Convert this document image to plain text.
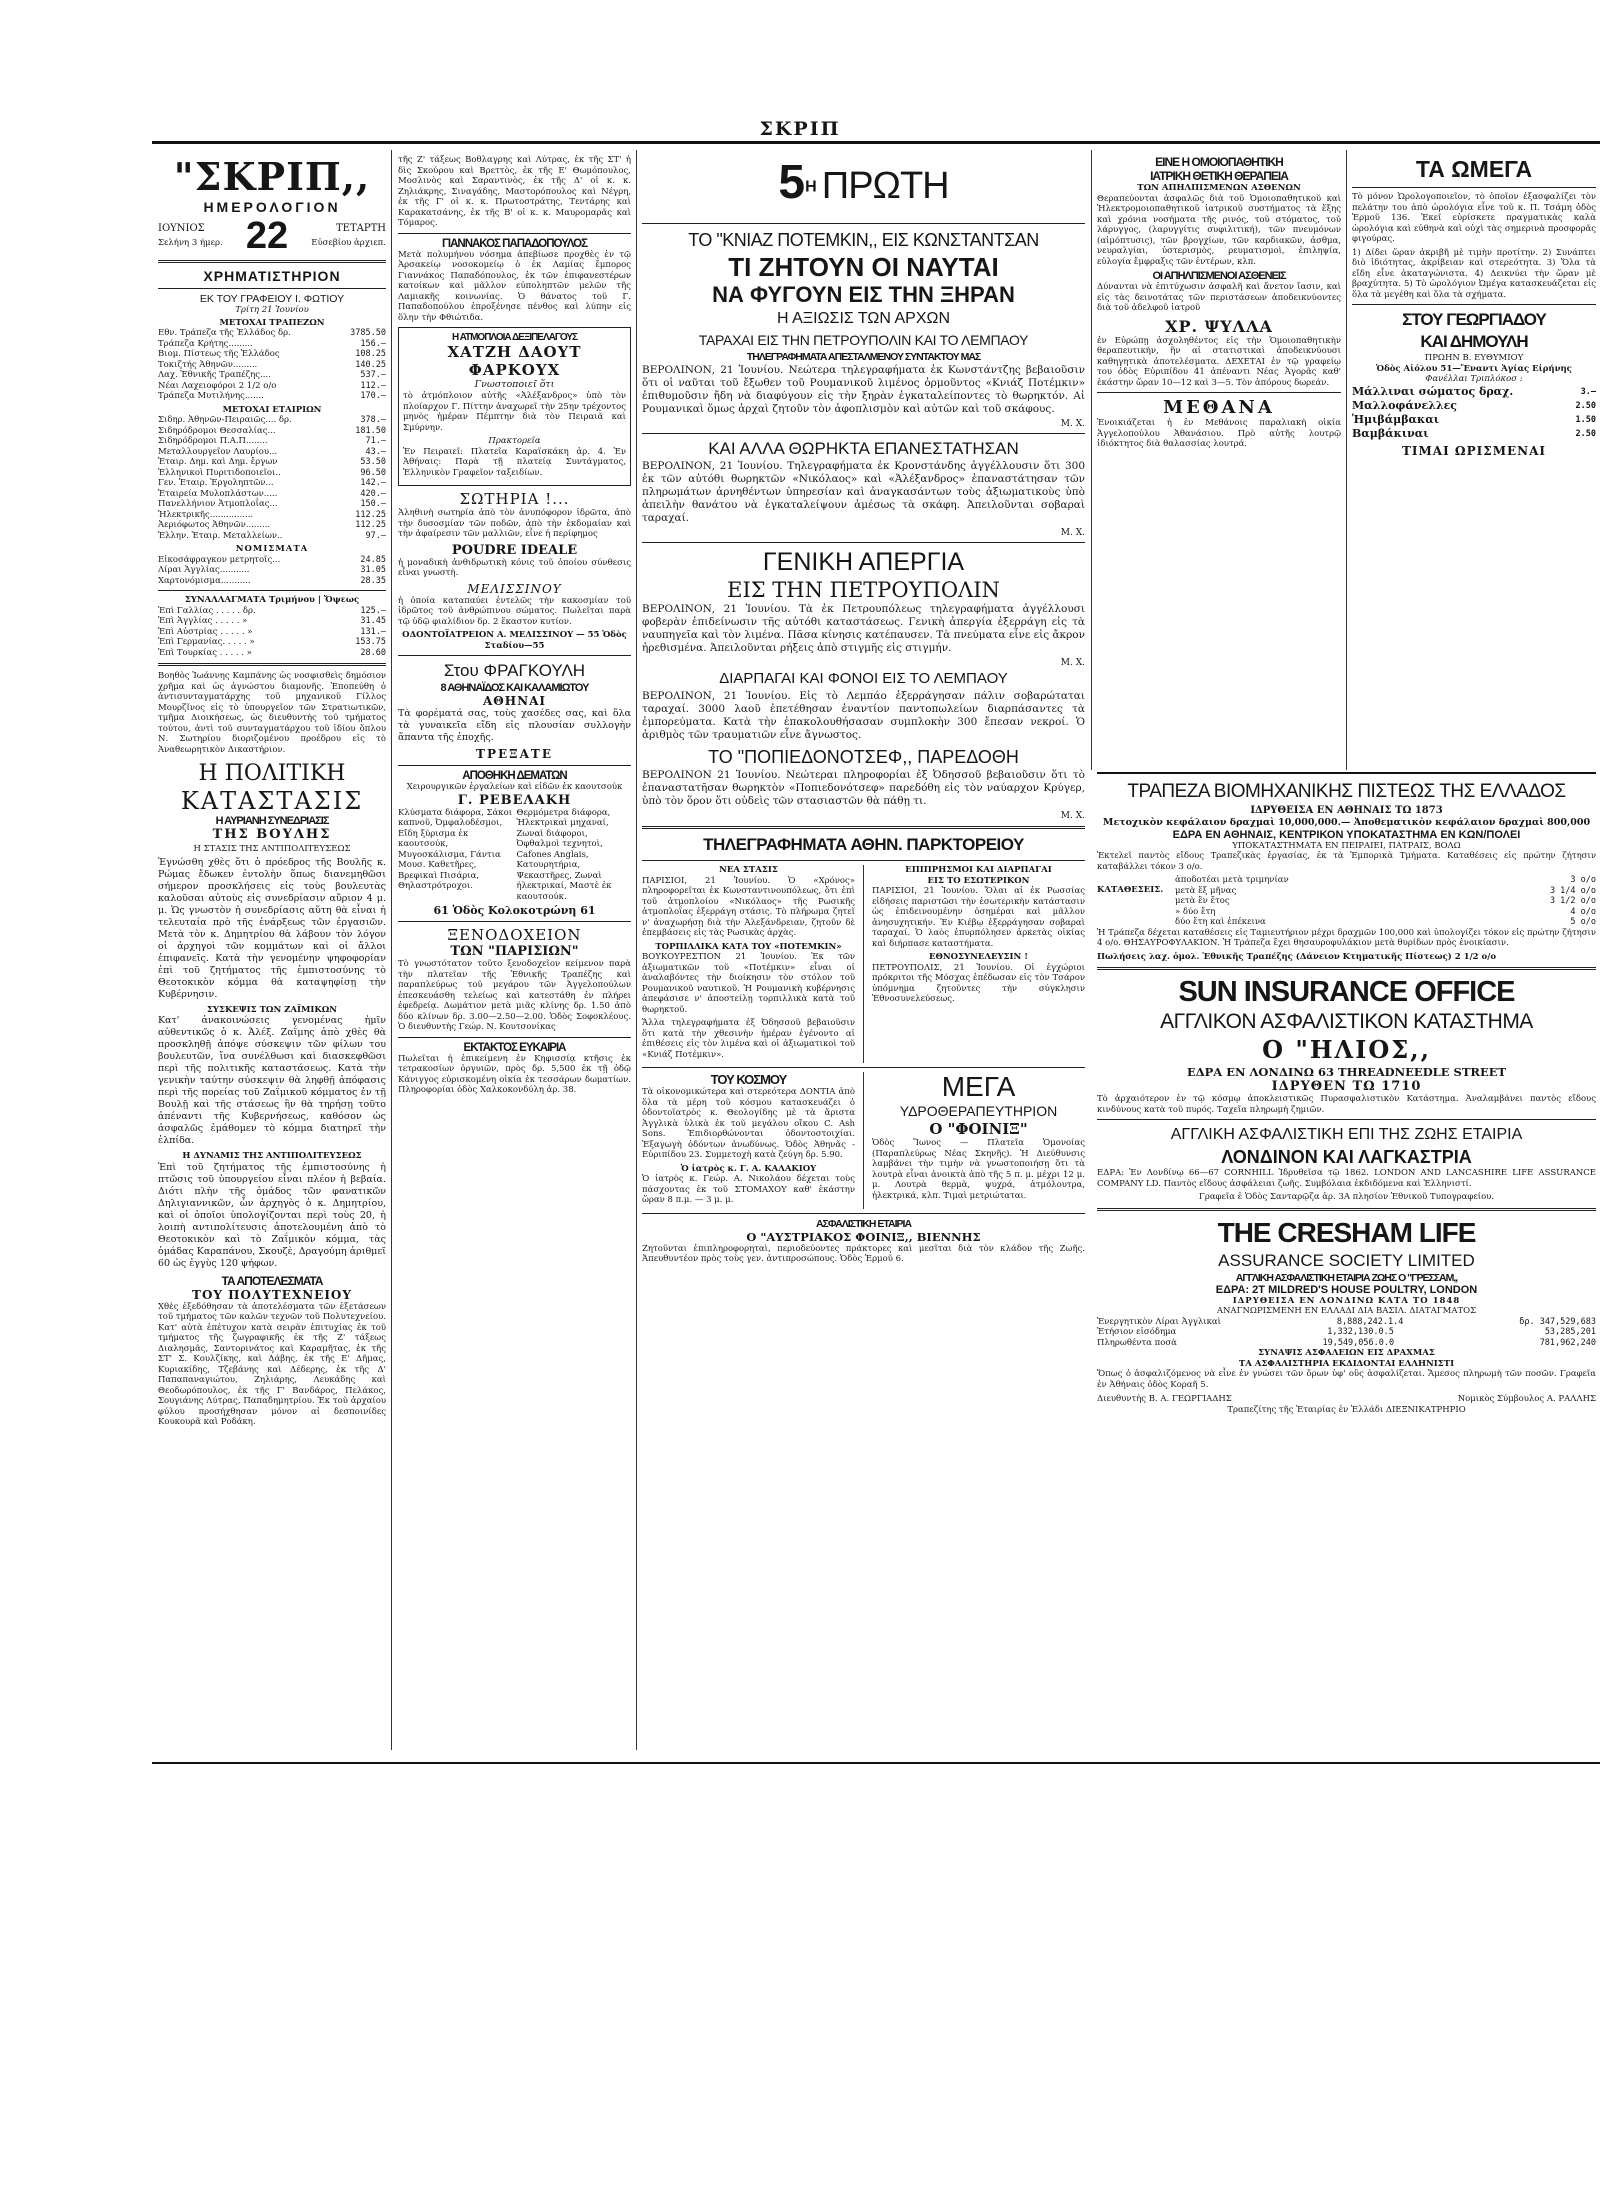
ΣΚΡΙΠ
"ΣΚΡΙΠ,,
ΗΜΕΡΟΛΟΓΙΟΝ
ΙΟΥΝΙΟΣ
Σελήνη 3 ήμερ. 22	ΤΕΤΑΡΤΗ
Εὐσεβίου ἀρχιεπ.
ΧΡΗΜΑΤΙΣΤΗΡΙΟΝ
ΕΚ ΤΟΥ ΓΡΑΦΕΙΟΥ Ι. ΦΩΤΙΟΥ
Τρίτη 21 Ἰουνίου
ΜΕΤΟΧΑΙ ΤΡΑΠΕΖΩΝ
Εθν. Τράπεζα τῆς Ἑλλάδος δρ.	3785.50
Τράπεζα Κρήτης.........	156.—
Βιομ. Πίστεως τῆς Ἑλλάδος	108.25
Τοκιζτής Ἀθηνῶν.........	140.25
Λαχ. Ἐθνικῆς Τραπέζης....	537.—
Νέαι Λαχειοφόροι 2 1/2 ο/ο	112.—
Τράπεζα Μυτιλήνης.......	170.—
ΜΕΤΟΧΑΙ ΕΤΑΙΡΙΩΝ
Σιδηρ. Ἀθηνῶν-Πειραιῶς.... δρ.	378.—
Σιδηρόδρομοι Θεσσαλίας...	181.50
Σιδηρόδρομοι Π.Α.Π........	71.—
Μεταλλουργεῖον Λαυρίου...	43.—
Ἑταιρ. Δημ. καὶ Δημ. ἔργων	53.50
Ἑλληνικοὶ Πυριτιδοποιεῖοι..	96.50
Γεν. Ἑταιρ. Ἐργοληπτῶν...	142.—
Ἑταιρεία Μυλοπλάστων.....	420.—
Πανελλήνιον Ἀτμοπλοΐας...	150.—
Ἠλεκτρικῆς................	112.25
Ἀεριόφωτος Ἀθηνῶν.........	112.25
Ἑλλην. Ἑταιρ. Μεταλλείων..	97.—
ΝΟΜΙΣΜΑΤΑ
Εἰκοσάφραγκον μετρητοῖς...	24.85
Λίραι Ἀγγλίας...........	31.05
Χαρτονόμισμα...........	28.35
ΣΥΝΑΛΛΑΓΜΑΤΑ Τριμήνου | Ὄψεως
Ἐπὶ Γαλλίας . . . . . δρ.	125.—
Ἐπὶ Ἀγγλίας . . . . . »	31.45
Ἐπὶ Αὐστρίας . . . . . »	131.—
Ἐπὶ Γερμανίας. . . . . »	153.75
Ἐπὶ Τουρκίας . . . . . »	28.60

Βοηθὸς Ἰωάννης Καμπάνης ὡς νοσφισθεὶς δημόσιον χρῆμα καὶ ὡς ἀγνώστου διαμονῆς. Ἐποπεύθη ὁ ἀντισυνταγματάρχης τοῦ μηχανικοῦ Γίλλος Μουρζῖνος εἰς τὸ ὑπουργεῖον τῶν Στρατιωτικῶν, τμῆμα Διοικήσεως, ὡς διευθυντὴς τοῦ τμήματος τούτου, ἀντὶ τοῦ συνταγματάρχου τοῦ ἰδίου ὅπλου Ν. Σωτηρίου διοριζομένου προέδρου εἰς τὸ Ἀναθεωρητικὸν Δικαστήριον.

Η ΠΟΛΙΤΙΚΗ
ΚΑΤΑΣΤΑΣΙΣ
Η ΑΥΡΙΑΝΗ ΣΥΝΕΔΡΙΑΣΙΣ
ΤΗΣ ΒΟΥΛΗΣ
Η ΣΤΑΣΙΣ ΤΗΣ ΑΝΤΙΠΟΛΙΤΕΥΣΕΩΣ

Ἐγνώσθη χθὲς ὅτι ὁ πρόεδρος τῆς Βουλῆς κ. Ρώμας ἔδωκεν ἐντολὴν ὅπως διανεμηθῶσι σήμερον προσκλήσεις εἰς τοὺς βουλευτὰς καλοῦσαι αὐτοὺς εἰς συνεδρίασιν αὔριον 4 μ. μ. Ὡς γνωστὸν ἡ συνεδρίασις αὕτη θὰ εἶναι ἡ τελευταία πρὸ τῆς ἐνάρξεως τῶν ἐργασιῶν. Μετὰ τὸν κ. Δημητρίου θὰ λάβουν τὸν λόγον οἱ ἀρχηγοὶ τῶν κομμάτων καὶ οἱ ἄλλοι ἐπιφανεῖς. Κατὰ τὴν γενομένην ψηφοφορίαν ἐπὶ τοῦ ζητήματος τῆς ἐμπιστοσύνης τὸ Θεοτοκικὸν κόμμα θὰ καταψηφίσῃ τὴν Κυβέρνησιν.

ΣΥΣΚΕΨΙΣ ΤΩΝ ΖΑΪΜΙΚΩΝ

Κατ' ἀνακοινώσεις γενομένας ἡμῖν αὐθεντικῶς ὁ κ. Ἀλέξ. Ζαΐμης ἀπὸ χθὲς θὰ προσκληθῇ ἀπόψε σύσκεψιν τῶν φίλων του βουλευτῶν, ἵνα συνέλθωσι καὶ διασκεφθῶσι περὶ τῆς πολιτικῆς καταστάσεως. Κατὰ τὴν γενικὴν ταύτην σύσκεψιν θὰ ληφθῇ ἀπόφασις περὶ τῆς πορείας τοῦ Ζαΐμικοῦ κόμματος ἐν τῇ Βουλῇ καὶ τῆς στάσεως ἣν θὰ τηρήσῃ τοῦτο ἀπέναντι τῆς Κυβερνήσεως, καθόσον ὡς ἀσφαλῶς ἐμάθομεν τὸ κόμμα διατηρεῖ τὴν ἐλπίδα.

Η ΔΥΝΑΜΙΣ ΤΗΣ ΑΝΤΙΠΟΛΙΤΕΥΣΕΩΣ

Ἐπὶ τοῦ ζητήματος τῆς ἐμπιστοσύνης ἡ πτῶσις τοῦ ὑπουργείου εἶναι πλέον ἡ βεβαία. Διότι πλὴν τῆς ὁμάδος τῶν φανατικῶν Δηλιγιαννικῶν, ὧν ἀρχηγὸς ὁ κ. Δημητρίου, καὶ οἱ ὁποῖοι ὑπολογίζονται περὶ τοὺς 20, ἡ λοιπὴ αντιπολίτευσις ἀποτελουμένη ἀπὸ τὸ Θεοτοκικὸν καὶ τὸ Ζαΐμικὸν κόμμα, τὰς ὁμάδας Καραπάνου, Σκουζὲ, Δραγούμη ἀριθμεῖ 60 ὡς ἐγγὺς 120 ψήφων.

ΤΑ ΑΠΟΤΕΛΕΣΜΑΤΑ
ΤΟΥ ΠΟΛΥΤΕΧΝΕΙΟΥ

Χθὲς ἐξεδόθησαν τὰ ἀποτελέσματα τῶν ἐξετάσεων τοῦ τμήματος τῶν καλῶν τεχνῶν τοῦ Πολυτεχνείου. Κατ' αὐτὰ ἐπέτυχον κατὰ σειρὰν ἐπιτυχίας ἐκ τοῦ τμήματος τῆς ζωγραφικῆς ἐκ τῆς Ζ' τάξεως Διαλησμᾶς, Σαντορινάτος καὶ Καραμῆτας, ἐκ τῆς ΣΤ' Σ. Κουλζίκης, καὶ Δάβης, ἐκ τῆς Ε' Δῆμας, Κυριακίδης, Τζεβάνης καὶ Δέδερης, ἐκ τῆς Δ' Παπαπαναγιώτου, Ζηλιάρης, Λευκάδης καὶ Θεοδωρόπουλος, ἐκ τῆς Γ' Βανδάρος, Πελάκος, Σουγιάνης Λύτρας, Παπαδημητρίου. Ἐκ τοῦ ἀρχαίου φύλου προσήχθησαν μόνον αἱ δεσποινίδες Κουκουρᾶ καὶ Ροδάκη.

τῆς Ζ' τάξεως Βοθλαγρης καὶ Λύτρας, ἐκ τῆς ΣΤ' ἡ δὶς Σκούρου καὶ Βρεττὸς, ἐκ τῆς Ε' Θωμόπουλος, Μοσλινὸς καὶ Σαραντινὸς, ἐκ τῆς Δ' οἱ κ. κ. Ζηλιάκρης, Σιναγάδης, Μαστορόπουλος καὶ Νέγρη, ἐκ τῆς Γ' οἱ κ. κ. Πρωτοστράτης, Τεντάρης καὶ Καρακατσάνης, ἐκ τῆς Β' οἱ κ. κ. Μαυρομαρᾶς καὶ Τόμαρος.

ΓΙΑΝΝΑΚΟΣ ΠΑΠΑΔΟΠΟΥΛΟΣ

Μετὰ πολυμήνου νόσημα ἀπεβίωσε προχθὲς ἐν τῷ Ἀρσακείῳ νοσοκομείῳ ὁ ἐκ Λαμίας ἔμπορος Γιαννάκος Παπαδόπουλος, ἐκ τῶν ἐπιφανεστέρων κατοίκων καὶ μᾶλλον εὐποληπτῶν μελῶν τῆς Λαμιακῆς κοινωνίας. Ὁ θάνατος τοῦ Γ. Παπαδοπούλου ἐπροξένησε πένθος καὶ λύπην εἰς ὅλην τὴν Φθιώτιδα.

Η ΑΤΜΟΠΛΟΙΑ ΔΕΞΙΠΕΛΑΓΟΥΣ
ΧΑΤΖΗ ΔΑΟΥΤ ΦΑΡΚΟΥΧ
Γνωστοποιεῖ ὅτι

τὸ ἀτμόπλοιον αὐτῆς «Ἀλέξανδρος» ὑπὸ τὸν πλοίαρχον Γ. Πίττην ἀναχωρεῖ τὴν 25ην τρέχοντος μηνὸς ἡμέραν Πέμπτην διὰ τὸν Πειραιᾶ καὶ Σμύρνην.

Πρακτορεῖα

Ἐν Πειραιεῖ: Πλατεῖα Καραϊσκάκη ἀρ. 4. Ἐν Ἀθήναις: Παρὰ τῇ πλατείᾳ Συντάγματος, Ἑλληνικὸν Γραφεῖον ταξειδίων.

ΣΩΤΗΡΙΑ !...

Ἀληθινὴ σωτηρία ἀπὸ τὸν ἀνυπόφορον ἱδρῶτα, ἀπὸ τὴν δυσοσμίαν τῶν ποδῶν, ἀπὸ τὴν ἐκδομαίαν καὶ τὴν ἀφαίρεσιν τῶν μαλλιῶν, εἶνε ἡ περίφημος

POUDRE IDEALE

ἡ μοναδικὴ ἀνθιδρωτικὴ κόνις τοῦ ὁποίου σύνθεσις εἶναι γνωστὴ.

ΜΕΛΙΣΣΙΝΟΥ

ἡ ὁποία καταπαύει ἐντελῶς τὴν κακοσμίαν τοῦ ἱδρῶτος τοῦ ἀνθρώπινου σώματος. Πωλεῖται παρὰ τῷ ὑδῷ φιαλίδιον δρ. 2 ἕκαστον κυτίον.

ΟΔΟΝΤΟΪΑΤΡΕΙΟΝ Α. ΜΕΛΙΣΣΙΝΟΥ — 55 Ὁδὸς Σταδίου—55
Στου ΦΡΑΓΚΟΥΛΗ
8 ΑΘΗΝΑΪΔΟΣ ΚΑΙ ΚΑΛΑΜΙΩΤΟΥ
ΑΘΗΝΑΙ

Τὰ φορέματά σας, τοὺς χασέδες σας, καὶ ὅλα τὰ γυναικεῖα εἴδη εἰς πλουσίαν συλλογὴν ἅπαντα τῆς ἐποχῆς.

ΤΡΕΞΑΤΕ
ΑΠΟΘΗΚΗ ΔΕΜΑΤΩΝ
Χειρουργικῶν ἐργαλείων καὶ εἰδῶν ἐκ καουτσούκ
Γ. ΡΕΒΕΛΑΚΗ
Κλύσματα διάφορα, Σάκοι καπνοῦ, Ὀμφαλοδέσμοι, Εἴδη ξύρισμα ἐκ καουτσούκ, Μυγοσκάλισμα, Γάντια Μουσ. Καθετῆρες, Βρεφικαὶ Πισάρια, Θηλαστρότροχοι.
Θερμόμετρα διάφορα, Ἠλεκτρικαὶ μηχαναί, Ζωναὶ διάφοροι, Ὀφθαλμοὶ τεχνητοὶ, Cafones Anglais, Κατουρητήρια, Ψεκαστῆρες, Ζωναὶ ἠλεκτρικαί, Μαστὲ ἐκ καουτσούκ.
61 Ὁδὸς Κολοκοτρώνη 61
ΞΕΝΟΔΟΧΕΙΟΝ
ΤΩΝ "ΠΑΡΙΣΙΩΝ"

Τὸ γνωστότατον τοῦτο ξενοδοχεῖον κείμενον παρὰ τὴν πλατεῖαν τῆς Ἐθνικῆς Τραπέζης καὶ παραπλεύρως τοῦ μεγάρου τῶν Ἀγγελοπούλων ἐπεσκευάσθη τελείως καὶ κατεστάθη ἐν πλήρει ἐφεδρείᾳ. Δωμάτιον μετὰ μιᾶς κλίνης δρ. 1.50 ἀπὸ δύο κλίνων δρ. 3.00—2.50—2.00. Ὁδὸς Σοφοκλέους. Ὁ διευθυντὴς Γεώρ. Ν. Κουτσονίκας

ΕΚΤΑΚΤΟΣ ΕΥΚΑΙΡΙΑ

Πωλεῖται ἡ ἐπικείμενη ἐν Κηφισσίᾳ κτῆσις ἐκ τετρακοσίων ὀργυιῶν, πρὸς δρ. 5,500 ἐκ τῇ ὁδῷ Κάνιγγος εὐρισκομένη οἰκία ἐκ τεσσάρων δωματίων. Πληροφορίαι ὁδὸς Χαλκοκονδύλη ἀρ. 38.

$5^H$ ΠΡΩΤΗ
ΤΟ "ΚΝΙΑΖ ΠΟΤΕΜΚΙΝ,, ΕΙΣ ΚΩΝΣΤΑΝΤΣΑΝ
ΤΙ ΖΗΤΟΥΝ ΟΙ ΝΑΥΤΑΙ
ΝΑ ΦΥΓΟΥΝ ΕΙΣ ΤΗΝ ΞΗΡΑΝ
Η ΑΞΙΩΣΙΣ ΤΩΝ ΑΡΧΩΝ
ΤΑΡΑΧΑΙ ΕΙΣ ΤΗΝ ΠΕΤΡΟΥΠΟΛΙΝ ΚΑΙ ΤΟ ΛΕΜΠΑΟΥ
ΤΗΛΕΓΡΑΦΗΜΑΤΑ ΑΠΕΣΤΑΛΜΕΝΟΥ ΣΥΝΤΑΚΤΟΥ ΜΑΣ

ΒΕΡΟΛΙΝΟΝ, 21 Ἰουνίου. Νεώτερα τηλεγραφήματα ἐκ Κωνστάντζης βεβαιοῦσιν ὅτι οἱ ναῦται τοῦ ἔξωθεν τοῦ Ρουμανικοῦ λιμένος ὁρμοῦντος «Κνιάζ Ποτέμκιν» ἐπιθυμοῦσιν ἤδη νὰ διαφύγουν εἰς τὴν ξηρὰν ἐγκαταλείποντες τὸ θωρηκτόν. Αἱ Ρουμανικαὶ ὅμως ἀρχαὶ ζητοῦν τὸν ἀφοπλισμὸν καὶ αὐτῶν καὶ τοῦ σκάφους.

Μ. Χ.
ΚΑΙ ΑΛΛΑ ΘΩΡΗΚΤΑ ΕΠΑΝΕΣΤΑΤΗΣΑΝ

ΒΕΡΟΛΙΝΟΝ, 21 Ἰουνίου. Τηλεγραφήματα ἐκ Κρονστάνδης ἀγγέλλουσιν ὅτι 300 ἐκ τῶν αὐτόθι θωρηκτῶν «Νικόλαος» καὶ «Ἀλέξανδρος» ἐπαναστάτησαν τῶν πληρωμάτων ἀρνηθέντων ὑπηρεσίαν καὶ ἀναγκασάντων τοὺς ἀξιωματικοὺς ὑπὸ ἀπειλὴν θανάτου νὰ ἐγκαταλείψουν ἀμέσως τὰ σκάφη. Ἀπειλοῦνται σοβαραὶ ταραχαί.

Μ. Χ.
ΓΕΝΙΚΗ ΑΠΕΡΓΙΑ
ΕΙΣ ΤΗΝ ΠΕΤΡΟΥΠΟΛΙΝ

ΒΕΡΟΛΙΝΟΝ, 21 Ἰουνίου. Τὰ ἐκ Πετρουπόλεως τηλεγραφήματα ἀγγέλλουσι φοβερὰν ἐπιδείνωσιν τῆς αὐτόθι καταστάσεως. Γενικὴ ἀπεργία ἐξερράγη εἰς τὰ ναυπηγεῖα καὶ τὸν λιμένα. Πᾶσα κίνησις κατέπαυσεν. Τὰ πνεύματα εἶνε εἰς ἄκρον ἠρεθισμένα. Ἀπειλοῦνται ρήξεις ἀπὸ στιγμῆς εἰς στιγμήν.

Μ. Χ.
ΔΙΑΡΠΑΓΑΙ ΚΑΙ ΦΟΝΟΙ ΕΙΣ ΤΟ ΛΕΜΠΑΟΥ

ΒΕΡΟΛΙΝΟΝ, 21 Ἰουνίου. Εἰς τὸ Λεμπάο ἐξερράγησαν πάλιν σοβαρώταται ταραχαί. 3000 λαοῦ ἐπετέθησαν ἐναντίον παντοπωλείων διαρπάσαντες τὰ ἐμπορεύματα. Κατὰ τὴν ἐπακολουθήσασαν συμπλοκὴν 300 ἔπεσαν νεκροί. Ὁ ἀριθμὸς τῶν τραυματιῶν εἶνε ἄγνωστος.

ΤΟ "ΠΟΠΙΕΔΟΝΟΤΣΕΦ,, ΠΑΡΕΔΟΘΗ

ΒΕΡΟΛΙΝΟΝ 21 Ἰουνίου. Νεώτεραι πληροφορίαι ἐξ Ὀδησσοῦ βεβαιοῦσιν ὅτι τὸ ἐπαναστατῆσαν θωρηκτὸν «Ποπιεδονότσεφ» παρεδόθη εἰς τὸν ναύαρχον Κρύγερ, ὑπὸ τὸν ὅρον ὅτι οὐδεὶς τῶν στασιαστῶν θὰ πάθῃ τι.

Μ. Χ.
ΤΗΛΕΓΡΑΦΗΜΑΤΑ ΑΘΗΝ. ΠΑΡΚΤΟΡΕΙΟΥ
ΝΕΑ ΣΤΑΣΙΣ

ΠΑΡΙΣΙΟΙ, 21 Ἰουνίου. Ὁ «Χρόνος» πληροφορεῖται ἐκ Κωνσταντινουπόλεως, ὅτι ἐπὶ τοῦ ἀτμοπλοίου «Νικόλαος» τῆς Ρωσικῆς ἀτμοπλοΐας ἐξερράγη στάσις. Τὸ πλήρωμα ζητεῖ ν' ἀναχωρήσῃ διὰ τὴν Ἀλεξάνδρειαν, ζητοῦν δὲ ἐπεμβάσεις εἰς τὰς Ρωσικὰς ἀρχὰς.

ΤΟΡΠΙΛΛΙΚΑ ΚΑΤΑ ΤΟΥ «ΠΟΤΕΜΚΙΝ»

ΒΟΥΚΟΥΡΕΣΤΙΟΝ 21 Ἰουνίου. Ἐκ τῶν ἀξιωματικῶν τοῦ «Ποτέμκιν» εἶναι οἱ ἀναλαβόντες τὴν διοίκησιν τὸν στόλον τοῦ Ρουμανικοῦ ναυτικοῦ. Ἡ Ρουμανικὴ κυβέρνησις ἀπεφάσισε ν' ἀποστείλῃ τορπιλλικὰ κατὰ τοῦ θωρηκτοῦ.

Ἄλλα τηλεγραφήματα ἐξ Ὀδησσοῦ βεβαιοῦσιν ὅτι κατὰ τὴν χθεσινὴν ἡμέραν ἐγένοντο αἱ ἐπιθέσεις εἰς τὸν λιμένα καὶ οἱ ἀξιωματικοὶ τοῦ «Κνιάζ Ποτέμκιν».

ΕΠΙΠΡΗΣΜΟΙ ΚΑΙ ΔΙΑΡΠΑΓΑΙ
ΕΙΣ ΤΟ ΕΣΩΤΕΡΙΚΟΝ

ΠΑΡΙΣΙΟΙ, 21 Ἰουνίου. Ὅλαι αἱ ἐκ Ρωσσίας εἰδήσεις παριστῶσι τὴν ἐσωτερικὴν κατάστασιν ὡς ἐπιδεινουμένην ὁσημέραι καὶ μᾶλλον ἀνησυχητικήν. Ἐν Κιέβῳ ἐξερράγησαν σοβαραὶ ταραχαί. Ὁ λαὸς ἐπυρπόλησεν ἀρκετὰς οἰκίας καὶ διήρπασε καταστήματα.

ΕΘΝΟΣΥΝΕΛΕΥΣΙΝ !

ΠΕΤΡΟΥΠΟΛΙΣ, 21 Ἰουνίου. Οἱ ἐγχώριοι πρόκριτοι τῆς Μόσχας ἐπέδωσαν εἰς τὸν Τσάρον ὑπόμνημα ζητοῦντες τὴν σύγκλησιν Ἐθνοσυνελεύσεως.

ΤΟΥ ΚΟΣΜΟΥ

Τὰ οἰκονομικώτερα καὶ στερεότερα ΔΟΝΤΙΑ ἀπὸ ὅλα τὰ μέρη τοῦ κόσμου κατασκευάζει ὁ ὀδοντοϊατρὸς κ. Θεολογίδης μὲ τὰ ἄριστα Ἀγγλικὰ ὑλικὰ ἐκ τοῦ μεγάλου οἴκου C. Ash Sons. Ἐπιδιορθώνονται ὀδοντοστοιχίαι. Ἐξαγωγὴ ὀδόντων ἀνωδύνως. Ὁδὸς Ἀθηνᾶς - Εὐριπίδου 23. Συμμετοχὴ κατὰ ζεύγη δρ. 5.90.

Ὁ ἰατρὸς κ. Γ. Α. ΚΑΛΑΚΙΟΥ

Ὁ ἰατρὸς κ. Γεώρ. Α. Νικολάου δέχεται τοὺς πάσχοντας ἐκ τοῦ ΣΤΟΜΑΧΟΥ καθ' ἑκάστην ὥραν 8 π.μ. — 3 μ. μ.

ΜΕΓΑ
ΥΔΡΟΘΕΡΑΠΕΥΤΗΡΙΟΝ
Ο "ΦΟΙΝΙΞ"

Ὁδὸς Ἴωνος — Πλατεῖα Ὁμονοίας (Παραπλεύρως Νέας Σκηνῆς). Ἡ Διεύθυνσις λαμβάνει τὴν τιμὴν νὰ γνωστοποιήσῃ ὅτι τὰ λουτρὰ εἶναι ἀνοικτὰ ἀπὸ τῆς 5 π. μ. μέχρι 12 μ. μ. Λουτρὰ θερμὰ, ψυχρά, ἀτμόλουτρα, ἠλεκτρικά, κλπ. Τιμαὶ μετριώταται.

ΑΣΦΑΛΙΣΤΙΚΗ ΕΤΑΙΡΙΑ
Ο "ΑΥΣΤΡΙΑΚΟΣ ΦΟΙΝΙΞ,, ΒΙΕΝΝΗΣ

Ζητοῦνται ἐπιπληροφορηταὶ, περιοδεύοντες πράκτορες καὶ μεσῖται διὰ τὸν κλάδον τῆς Ζωῆς. Ἀπευθυντέον πρὸς τοὺς γεν. ἀντιπροσώπους. Ὁδὸς Ἑρμοῦ 6.

ΕΙΝΕ Η ΟΜΟΙΟΠΑΘΗΤΙΚΗ
ΙΑΤΡΙΚΗ ΘΕΤΙΚΗ ΘΕΡΑΠΕΙΑ
ΤΩΝ ΑΠΗΛΠΙΣΜΕΝΩΝ ΑΣΘΕΝΩΝ

Θεραπεύονται ἀσφαλῶς διὰ τοῦ Ὁμοιοπαθητικοῦ καὶ Ἠλεκτρομοιοπαθητικοῦ ἰατρικοῦ συστήματος τὰ ἕξης καὶ χρόνια νοσήματα τῆς ρινός, τοῦ στόματος, τοῦ λάρυγγος, (λαρυγγίτις συφιλιτική), τῶν πνευμόνων (αἱμόπτυσις), τῶν βρογχίων, τῶν καρδιακῶν, ἀσθμα, νευραλγίαι, ὑστερισμὸς, ρευματισμοὶ, ἐπιληψία, εὐλογία ἔμφραξις τῶν ἐντέρων, κλπ.

ΟΙ ΑΠΗΛΠΙΣΜΕΝΟΙ ΑΣΘΕΝΕΙΣ

Δύνανται νὰ ἐπιτύχωσιν ἀσφαλῆ καὶ ἄνετον ἴασιν, καὶ εἰς τὰς δεινοτάτας τῶν περιστάσεων ἀποδεικνύοντες διὰ τοῦ ἀδελφοῦ ἰατροῦ

ΧΡ. ΨΥΛΛΑ

ἐν Εὐρώπῃ ἀσχοληθέντος εἰς τὴν Ὁμοιοπαθητικὴν θεραπευτικήν, ἥν αἱ στατιστικαὶ ἀποδεικνύουσι καθηγητικὰ ἀποτελέσματα. ΔΕΧΕΤΑΙ ἐν τῷ γραφείῳ του ὁδὸς Εὐριπίδου 41 ἀπέναντι Νέας Ἀγορᾶς καθ' ἑκάστην ὥραν 10—12 καὶ 3—5. Τὸν ἀπόρους δωρεάν.

ΜΕΘΑΝΑ

Ἐνοικιάζεται ἡ ἐν Μεθάνοις παραλιακὴ οἰκία Ἀγγελοπούλου Ἀθανάσιου. Πρὸ αὐτῆς λουτρῷ ἰδιόκτητος διὰ θαλασσίας λουτρά.

ΤΑ ΩΜΕΓΑ

Τὸ μόνον Ὡρολογοποιεῖον, τὸ ὁποῖον ἐξασφαλίζει τὸν πελάτην του ἀπὸ ὡρολόγια εἶνε τοῦ κ. Π. Τσάμη ὁδὸς Ἑρμοῦ 136. Ἐκεῖ εὑρίσκετε πραγματικὰς καλὰ ὡρολόγια καὶ εὐθηνὰ καὶ οὐχὶ τὰς σημερινὰ προσφορᾶς φιγούρας.

1) Δίδει ὥραν ἀκριβῆ μὲ τιμὴν προτίτην. 2) Συνάπτει διὸ ἰδιότητας, ἀκρίβειαν καὶ στερεότητα. 3) Ὅλα τὰ εἴδη εἶνε ἀκαταγώνιστα. 4) Δεικνύει τὴν ὥραν μὲ βραχύτητα. 5) Τὸ ὡρολόγιον Ὠμέγα κατασκευάζεται εἰς ὅλα τὰ μεγέθη καὶ ὅλα τὰ σχήματα.

ΣΤΟΥ ΓΕΩΡΓΙΑΔΟΥ
ΚΑΙ ΔΗΜΟΥΛΗ
ΠΡΩΗΝ Β. ΕΥΘΥΜΙΟΥ
Ὁδὸς Αἰόλου 51—Ἔναντι Ἁγίας Εἰρήνης
Φανέλλαι Τριπλόκοσ :
Μάλλιναι σώματος δραχ.	3.—
Μαλλοφάνελλες	2.50
Ἡμιβάμβακαι	1.50
Βαμβάκιναι	2.50
ΤΙΜΑΙ ΩΡΙΣΜΕΝΑΙ
ΤΡΑΠΕΖΑ ΒΙΟΜΗΧΑΝΙΚΗΣ ΠΙΣΤΕΩΣ ΤΗΣ ΕΛΛΑΔΟΣ
ΙΔΡΥΘΕΙΣΑ ΕΝ ΑΘΗΝΑΙΣ ΤΩ 1873
Μετοχικὸν κεφάλαιον δραχμαὶ 10,000,000.— Ἀποθεματικὸν κεφάλαιον δραχμαὶ 800,000
ΕΔΡΑ ΕΝ ΑΘΗΝΑΙΣ, ΚΕΝΤΡΙΚΟΝ ΥΠΟΚΑΤΑΣΤΗΜΑ ΕΝ ΚΩΝ/ΠΟΛΕΙ
ΥΠΟΚΑΤΑΣΤΗΜΑΤΑ ΕΝ ΠΕΙΡΑΙΕΙ, ΠΑΤΡΑΙΣ, ΒΟΛΩ

Ἐκτελεῖ παντὸς εἴδους Τραπεζικὰς ἐργασίας, ἐκ τὰ Ἐμπορικὰ Τμήματα. Καταθέσεις εἰς πρώτην ζήτησιν καταβάλλει τόκον 3 ο/ο.

ΚΑΤΑΘΕΣΕΙΣ.
ἀποδοτέαι μετὰ τριμηνίαν	3 ο/ο
μετὰ ἕξ μῆνας	3 1/4 ο/ο
μετὰ ἓν ἔτος	3 1/2 ο/ο
» δύο ἔτη	4 ο/ο
δύο ἔτη καὶ ἐπέκεινα	5 ο/ο

Ἡ Τράπεζα δέχεται καταθέσεις εἰς Ταμιευτήριον μέχρι δραχμῶν 100,000 καὶ ὑπολογίζει τόκον εἰς πρώτην ζήτησιν 4 ο/ο. ΘΗΣΑΥΡΟΦΥΛΑΚΙΟΝ. Ἡ Τράπεζα ἔχει θησαυροφυλάκιον μετὰ θυρίδων πρὸς ἐνοικίασιν.

Πωλήσεις λαχ. ὁμολ. Ἐθνικῆς Τραπέζης (Δάνειον Κτηματικῆς Πίστεως) 2 1/2 ο/ο

SUN INSURANCE OFFICE
ΑΓΓΛΙΚΟΝ ΑΣΦΑΛΙΣΤΙΚΟΝ ΚΑΤΑΣΤΗΜΑ
Ο "ΗΛΙΟΣ,,
ΕΔΡΑ ΕΝ ΛΟΝΔΙΝΩ 63 THREADNEEDLE STREET
ΙΔΡΥΘΕΝ ΤΩ 1710

Τὸ ἀρχαιότερον ἐν τῷ κόσμῳ ἀποκλειστικῶς Πυρασφαλιστικὸν Κατάστημα. Ἀναλαμβάνει παντὸς εἴδους κινδύνους κατὰ τοῦ πυρός. Ταχεῖα πληρωμὴ ζημιῶν.

ΑΓΓΛΙΚΗ ΑΣΦΑΛΙΣΤΙΚΗ ΕΠΙ ΤΗΣ ΖΩΗΣ ΕΤΑΙΡΙΑ
ΛΟΝΔΙΝΟΝ ΚΑΙ ΛΑΓΚΑΣΤΡΙΑ

ΕΔΡΑ: Ἐν Λονδίνῳ 66—67 CORNHILL Ἱδρυθεῖσα τῷ 1862. LONDON AND LANCASHIRE LIFE ASSURANCE COMPANY LD. Παντὸς εἴδους ἀσφάλειαι ζωῆς. Συμβόλαια ἐκδιδόμενα καὶ Ἑλληνιστί.

Γραφεῖα ἐ Ὁδὸς Σανταρῷζα ἀρ. 3Α πλησίον Ἐθνικοῦ Τυπογραφείου.
THE CRESHAM LIFE
ASSURANCE SOCIETY LIMITED
ΑΓΓΛΙΚΗ ΑΣΦΑΛΙΣΤΙΚΗ ΕΤΑΙΡΙΑ ΖΩΗΣ Ο "ΓΡΕΣΣΑΜ,,
ΕΔΡΑ: 2Τ MILDRED'S HOUSE POULTRY, LONDON
ΙΔΡΥΘΕΙΣΑ ΕΝ ΛΟΝΔΙΝΩ ΚΑΤΑ ΤΟ 1848
ΑΝΑΓΝΩΡΙΣΜΕΝΗ ΕΝ ΕΛΛΑΔΙ ΔΙΑ ΒΑΣΙΛ. ΔΙΑΤΑΓΜΑΤΟΣ
Ἐνεργητικὸν Λίραι Ἀγγλικαὶ	8,888,242.1.4	δρ. 347,529,683
Ἐτήσιον εἰσόδημα	1,332,130.0.5	53,285,201
Πληρωθέντα ποσὰ	19,549,056.0.0	781,962,240
ΣΥΝΑΨΙΣ ΑΣΦΑΛΕΙΩΝ ΕΙΣ ΔΡΑΧΜΑΣ
ΤΑ ΑΣΦΑΛΙΣΤΗΡΙΑ ΕΚΔΙΔΟΝΤΑΙ ΕΛΛΗΝΙΣΤΙ

Ὅπως ὁ ἀσφαλιζόμενος νὰ εἶνε ἐν γνώσει τῶν ὅρων ὑφ' οὓς ἀσφαλίζεται. Ἄμεσος πληρωμὴ τῶν ποσῶν. Γραφεῖα ἐν Ἀθήναις ὁδὸς Κοραῆ 5.

Διευθυντὴς Β. Α. ΓΕΩΡΓΙΑΔΗΣ	Νομικὸς Σύμβουλος Α. ΡΑΛΛΗΣ
Τραπεζίτης τῆς Ἑταιρίας ἐν Ἑλλάδι ΔΙΕΞΝΙΚΑΤΡΗΡΙΟ
